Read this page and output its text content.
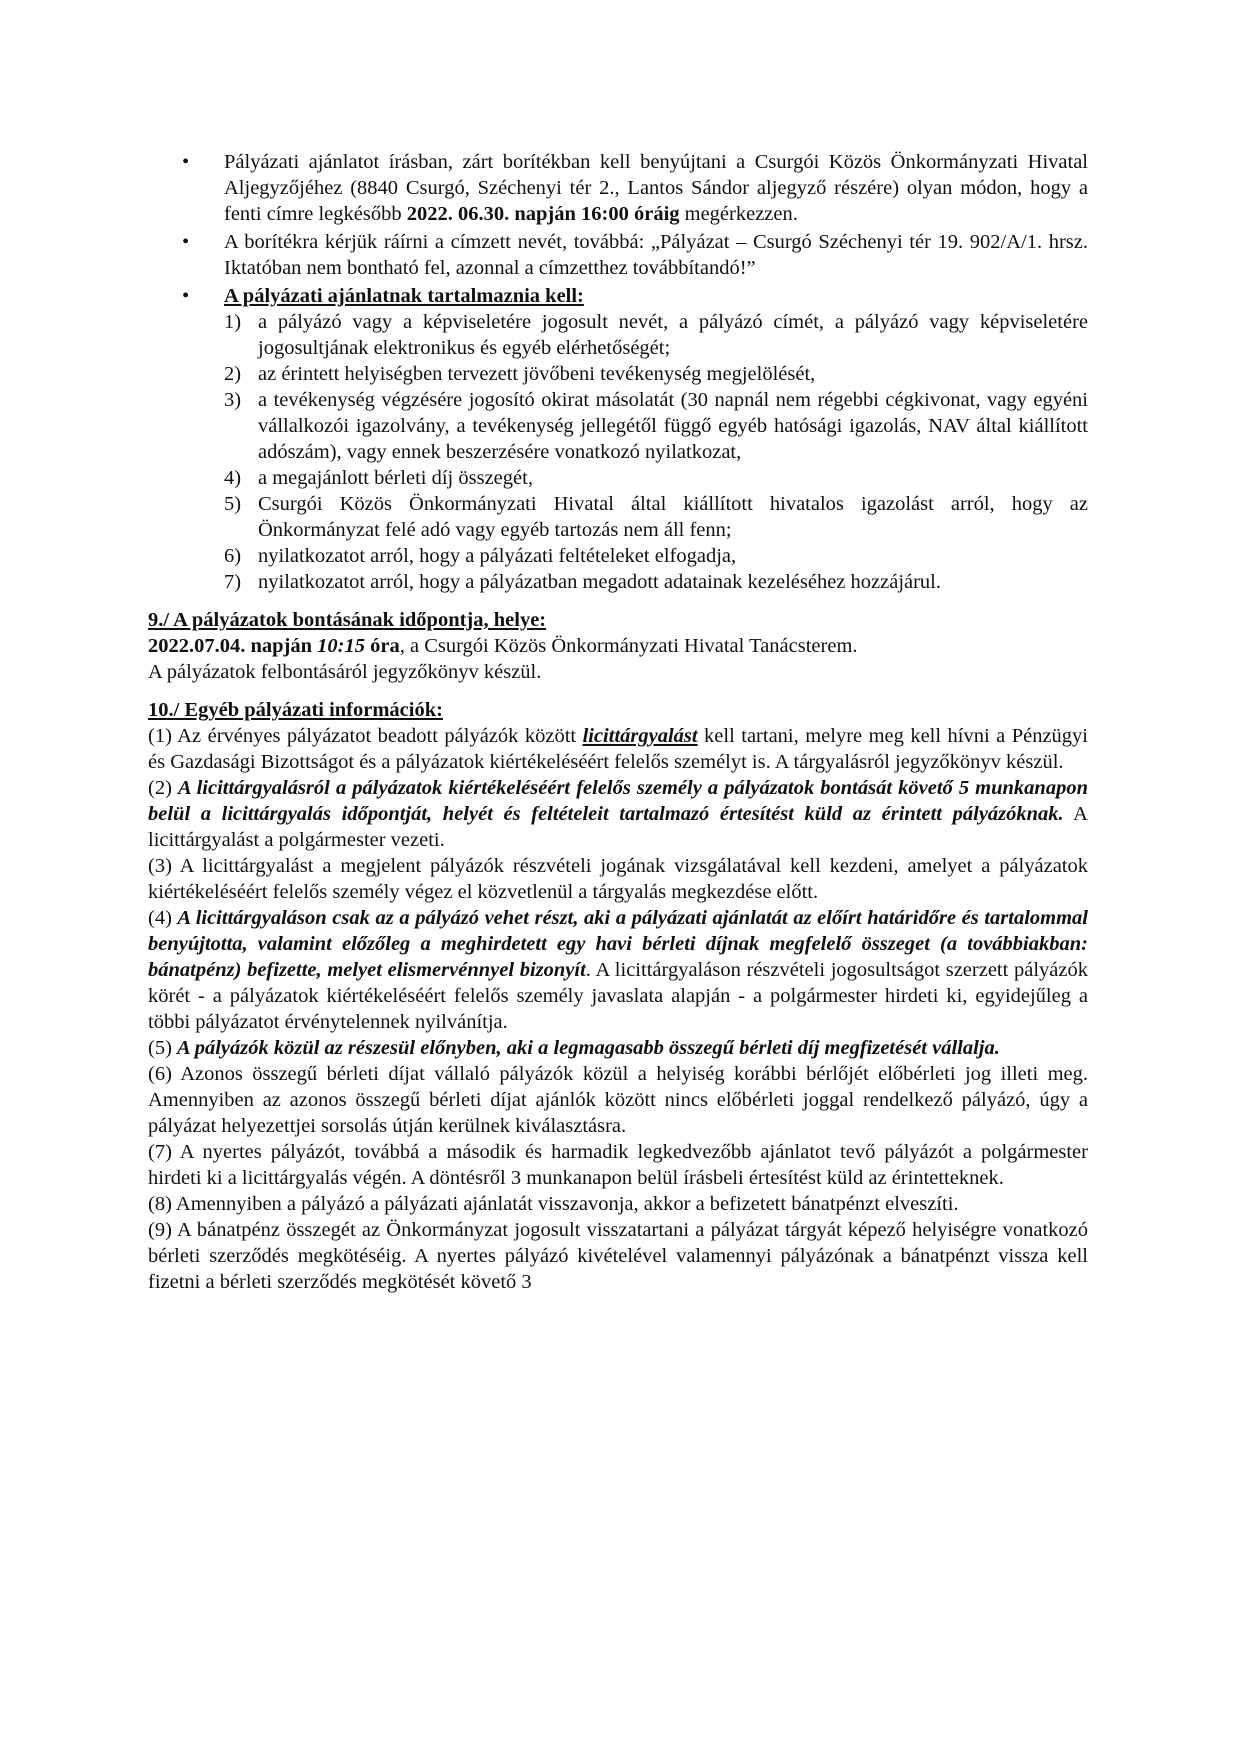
• Pályázati ajánlatot írásban, zárt borítékban kell benyújtani a Csurgói Közös Önkormányzati Hivatal Aljegyzőjéhez (8840 Csurgó, Széchenyi tér 2., Lantos Sándor aljegyző részére) olyan módon, hogy a fenti címre legkésőbb 2022. 06.30. napján 16:00 óráig megérkezzen.
• A borítékra kérjük ráírni a címzett nevét, továbbá: „Pályázat – Csurgó Széchenyi tér 19. 902/A/1. hrsz. Iktatóban nem bontható fel, azonnal a címzetthez továbbítandó!”
• A pályázati ajánlatnak tartalmaznia kell:
1) a pályázó vagy a képviseletére jogosult nevét, a pályázó címét, a pályázó vagy képviseletére jogosultjának elektronikus és egyéb elérhetőségét;
2) az érintett helyiségben tervezett jövőbeni tevékenység megjelölését,
3) a tevékenység végzésére jogosító okirat másolatát (30 napnál nem régebbi cégkivonat, vagy egyéni vállalkozói igazolvány, a tevékenység jellegétől függő egyéb hatósági igazolás, NAV által kiállított adószám), vagy ennek beszerzésére vonatkozó nyilatkozat,
4) a megajánlott bérleti díj összegét,
5) Csurgói Közös Önkormányzati Hivatal által kiállított hivatalos igazolást arról, hogy az Önkormányzat felé adó vagy egyéb tartozás nem áll fenn;
6) nyilatkozatot arról, hogy a pályázati feltételeket elfogadja,
7) nyilatkozatot arról, hogy a pályázatban megadott adatainak kezeléséhez hozzájárul.
9./ A pályázatok bontásának időpontja, helye:
2022.07.04. napján 10:15 óra, a Csurgói Közös Önkormányzati Hivatal Tanácsterem.
A pályázatok felbontásáról jegyzőkönyv készül.
10./ Egyéb pályázati információk:
(1) Az érvényes pályázatot beadott pályázók között licittárgyalást kell tartani, melyre meg kell hívni a Pénzügyi és Gazdasági Bizottságot és a pályázatok kiértékeléséért felelős személyt is. A tárgyalásról jegyzőkönyv készül.
(2) A licittárgyalásról a pályázatok kiértékeléséért felelős személy a pályázatok bontását követő 5 munkanapon belül a licittárgyalás időpontját, helyét és feltételeit tartalmazó értesítést küld az érintett pályázóknak. A licittárgyalást a polgármester vezeti.
(3) A licittárgyalást a megjelent pályázók részvételi jogának vizsgálatával kell kezdeni, amelyet a pályázatok kiértékeléséért felelős személy végez el közvetlenül a tárgyalás megkezdése előtt.
(4) A licittárgyaláson csak az a pályázó vehet részt, aki a pályázati ajánlatát az előírt határidőre és tartalommal benyújtotta, valamint előzőleg a meghirdetett egy havi bérleti díjnak megfelelő összeget (a továbbiakban: bánatpénz) befizette, melyet elismervénnyel bizonyít. A licittárgyaláson részvételi jogosultságot szerzett pályázók körét - a pályázatok kiértékeléséért felelős személy javaslata alapján - a polgármester hirdeti ki, egyidejűleg a többi pályázatot érvénytelennek nyilvánítja.
(5) A pályázók közül az részesül előnyben, aki a legmagasabb összegű bérleti díj megfizetését vállalja.
(6) Azonos összegű bérleti díjat vállaló pályázók közül a helyiség korábbi bérlőjét előbérleti jog illeti meg. Amennyiben az azonos összegű bérleti díjat ajánlók között nincs előbérleti joggal rendelkező pályázó, úgy a pályázat helyezettjei sorsolás útján kerülnek kiválasztásra.
(7) A nyertes pályázót, továbbá a második és harmadik legkedvezőbb ajánlatot tevő pályázót a polgármester hirdeti ki a licittárgyalás végén. A döntésről 3 munkanapon belül írásbeli értesítést küld az érintetteknek.
(8) Amennyiben a pályázó a pályázati ajánlatát visszavonja, akkor a befizetett bánatpénzt elveszíti.
(9) A bánatpénz összegét az Önkormányzat jogosult visszatartani a pályázat tárgyát képező helyiségre vonatkozó bérleti szerződés megkötéséig. A nyertes pályázó kivételével valamennyi pályázónak a bánatpénzt vissza kell fizetni a bérleti szerződés megkötését követő 3
